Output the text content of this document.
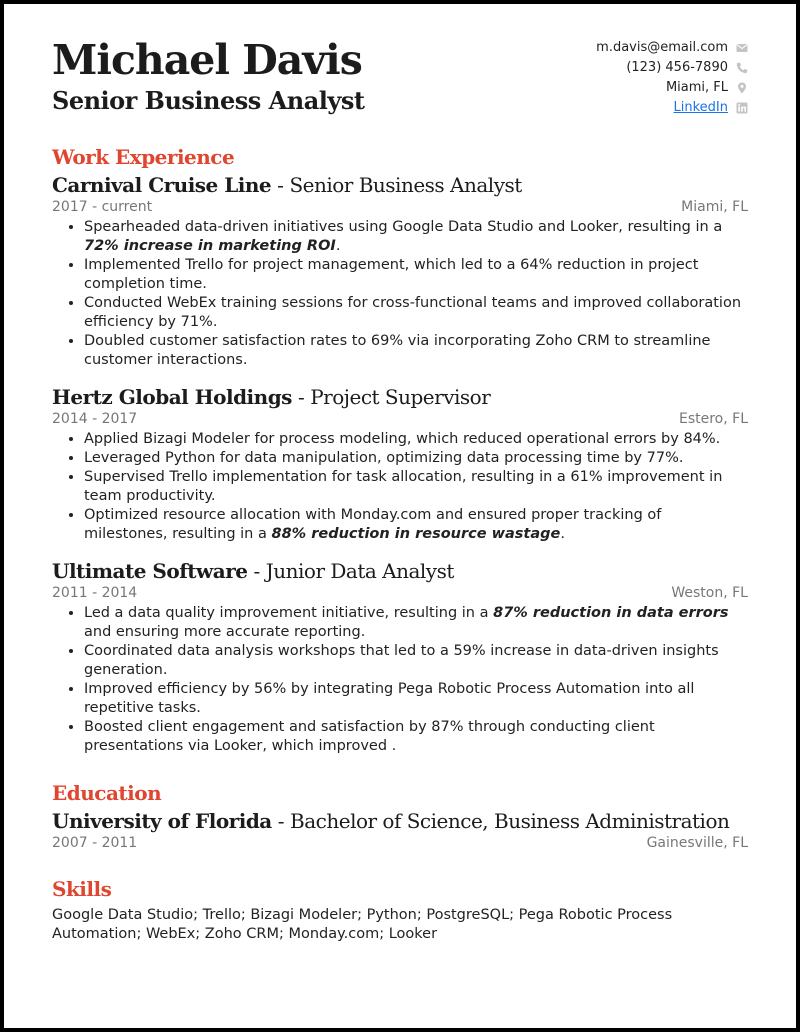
Michael Davis
Senior Business Analyst
m.davis@email.com
(123) 456-7890
Miami, FL
LinkedIn
Work Experience
Carnival Cruise Line - Senior Business Analyst
2017 - current	Miami, FL
• Spearheaded data-driven initiatives using Google Data Studio and Looker, resulting in a 72% increase in marketing ROI.
• Implemented Trello for project management, which led to a 64% reduction in project completion time.
• Conducted WebEx training sessions for cross-functional teams and improved collaboration efficiency by 71%.
• Doubled customer satisfaction rates to 69% via incorporating Zoho CRM to streamline customer interactions.
Hertz Global Holdings - Project Supervisor
2014 - 2017	Estero, FL
• Applied Bizagi Modeler for process modeling, which reduced operational errors by 84%.
• Leveraged Python for data manipulation, optimizing data processing time by 77%.
• Supervised Trello implementation for task allocation, resulting in a 61% improvement in team productivity.
• Optimized resource allocation with Monday.com and ensured proper tracking of milestones, resulting in a 88% reduction in resource wastage.
Ultimate Software - Junior Data Analyst
2011 - 2014	Weston, FL
• Led a data quality improvement initiative, resulting in a 87% reduction in data errors and ensuring more accurate reporting.
• Coordinated data analysis workshops that led to a 59% increase in data-driven insights generation.
• Improved efficiency by 56% by integrating Pega Robotic Process Automation into all repetitive tasks.
• Boosted client engagement and satisfaction by 87% through conducting client presentations via Looker, which improved .
Education
University of Florida - Bachelor of Science, Business Administration
2007 - 2011	Gainesville, FL
Skills
Google Data Studio; Trello; Bizagi Modeler; Python; PostgreSQL; Pega Robotic Process Automation; WebEx; Zoho CRM; Monday.com; Looker
